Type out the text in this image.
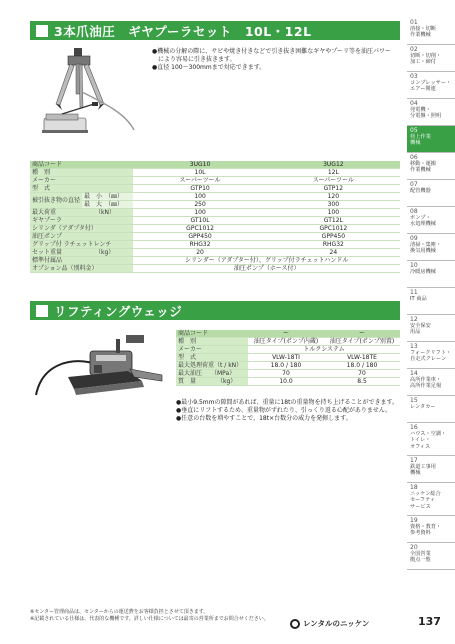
3本爪油圧　ギヤプーラセット　10L・12L
●機械の分解の際に、サビや焼き付きなどで引き抜き困難なギヤやプーリ等を油圧パワー
　により容易に引き抜きます。
●直径 100〜300mmまで対応できます。
商品コード		3UG10	3UG12
種　別		10L	12L
メーカー		スーパーツール	スーパーツール
型　式		GTP10	GTP12
被引抜き物の直径	最　小　（㎜）	100	120
	最　大　（㎜）	250	300
最大荷重　　　　　　　（kN）		100	100
ギヤプーラ		GT10L	GT12L
シリンダ（アダプタ付）		GPC1012	GPC1012
油圧ポンプ		GPP450	GPP450
グリップ付 ラチェットレンチ		RHG32	RHG32
セット重量　　　　　　（kg）		20	24
標準付属品		シリンダー（アダプター付）、グリップ付ラチェットハンドル	
オプション品（別料金）		油圧ポンプ（ホース付）	
リフティングウェッジ
商品コード	ー	ー
種　別	油圧タイプ(ポンプ内蔵)	油圧タイプ(ポンプ別置)
メーカー	トルクシステム	
型　式	VLW-18TI	VLW-18TE
最大処理荷重（t / kN）	18.0 / 180	18.0 / 180
最大油圧　　（MPa）	70	70
質　量　　　　（kg）	10.0	8.5
●最小9.5mmの隙間があれば、重量に18tの重量物を持ち上げることができます。
●垂直にリフトするため、重量物がずれたり、引っくり返る心配がありません。
●任意の台数を増やすことで、18t×台数分の威力を発揮します。
※センター管理商品は、センターからの運送費をお客様負担とさせて頂きます。
※記載されている仕様は、代表的な機種です。詳しい仕様については最寄の営業所までお問合せください。	レンタルのニッケン
01
溶接・切断
作業機械
02
切断・切削・
加工・締付
03
コンプレッサー・
エアー関連
04
発電機・
分電盤・照明
05
荷上作業
機械
06
移動・運搬
作業機械
07
配管機器
08
ポンプ・
水処理機械
09
清掃・集塵・
換気用機械
10
冷暖房機械
11
IT 商品
12
安全保安
用品
13
フォークリフト・
自走式クレーン
14
高所作業車・
高所作業足場
15
レンタカー
16
ハウス・空調・
トイレ・
オフィス
17
鉄道工事用
機械
18
ニッケン総合
セーフティ
サービス
19
資格・教育・
参考資料
20
全国営業
拠点一覧
137
